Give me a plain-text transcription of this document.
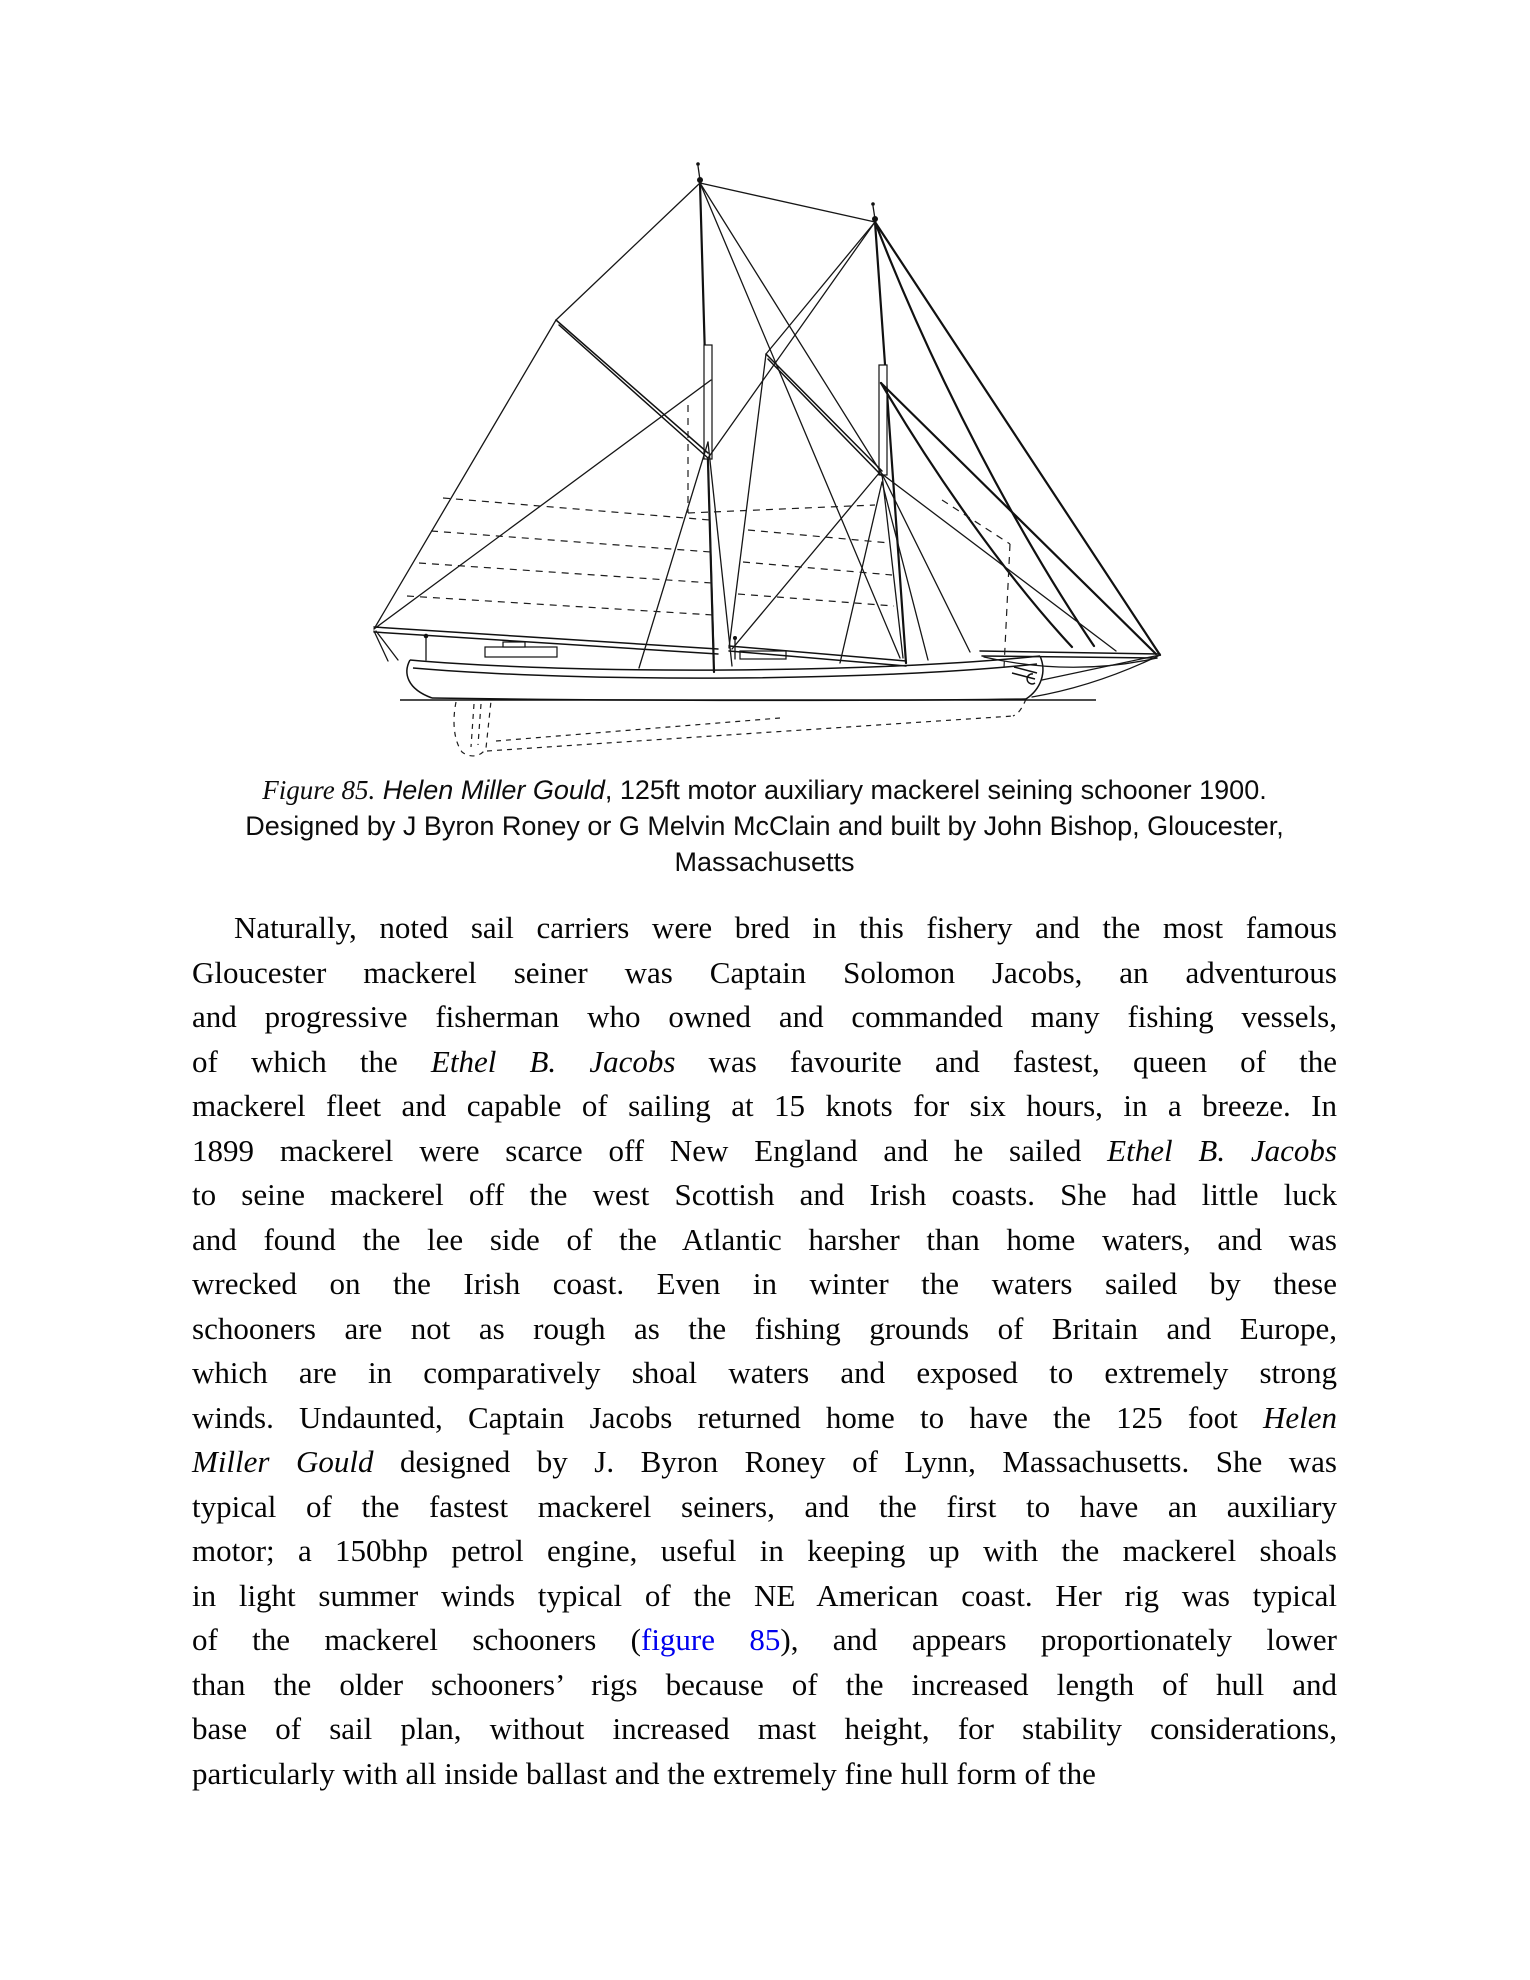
Figure 85. Helen Miller Gould, 125ft motor auxiliary mackerel seining schooner 1900.
Designed by J Byron Roney or G Melvin McClain and built by John Bishop, Gloucester,
Massachusetts
Naturally, noted sail carriers were bred in this fishery and the most famous
Gloucester mackerel seiner was Captain Solomon Jacobs, an adventurous
and progressive fisherman who owned and commanded many fishing vessels,
of which the Ethel B. Jacobs was favourite and fastest, queen of the
mackerel fleet and capable of sailing at 15 knots for six hours, in a breeze. In
1899 mackerel were scarce off New England and he sailed Ethel B. Jacobs
to seine mackerel off the west Scottish and Irish coasts. She had little luck
and found the lee side of the Atlantic harsher than home waters, and was
wrecked on the Irish coast. Even in winter the waters sailed by these
schooners are not as rough as the fishing grounds of Britain and Europe,
which are in comparatively shoal waters and exposed to extremely strong
winds. Undaunted, Captain Jacobs returned home to have the 125 foot Helen
Miller Gould designed by J. Byron Roney of Lynn, Massachusetts. She was
typical of the fastest mackerel seiners, and the first to have an auxiliary
motor; a 150bhp petrol engine, useful in keeping up with the mackerel shoals
in light summer winds typical of the NE American coast. Her rig was typical
of the mackerel schooners (figure 85), and appears proportionately lower
than the older schooners’ rigs because of the increased length of hull and
base of sail plan, without increased mast height, for stability considerations,
particularly with all inside ballast and the extremely fine hull form of the
